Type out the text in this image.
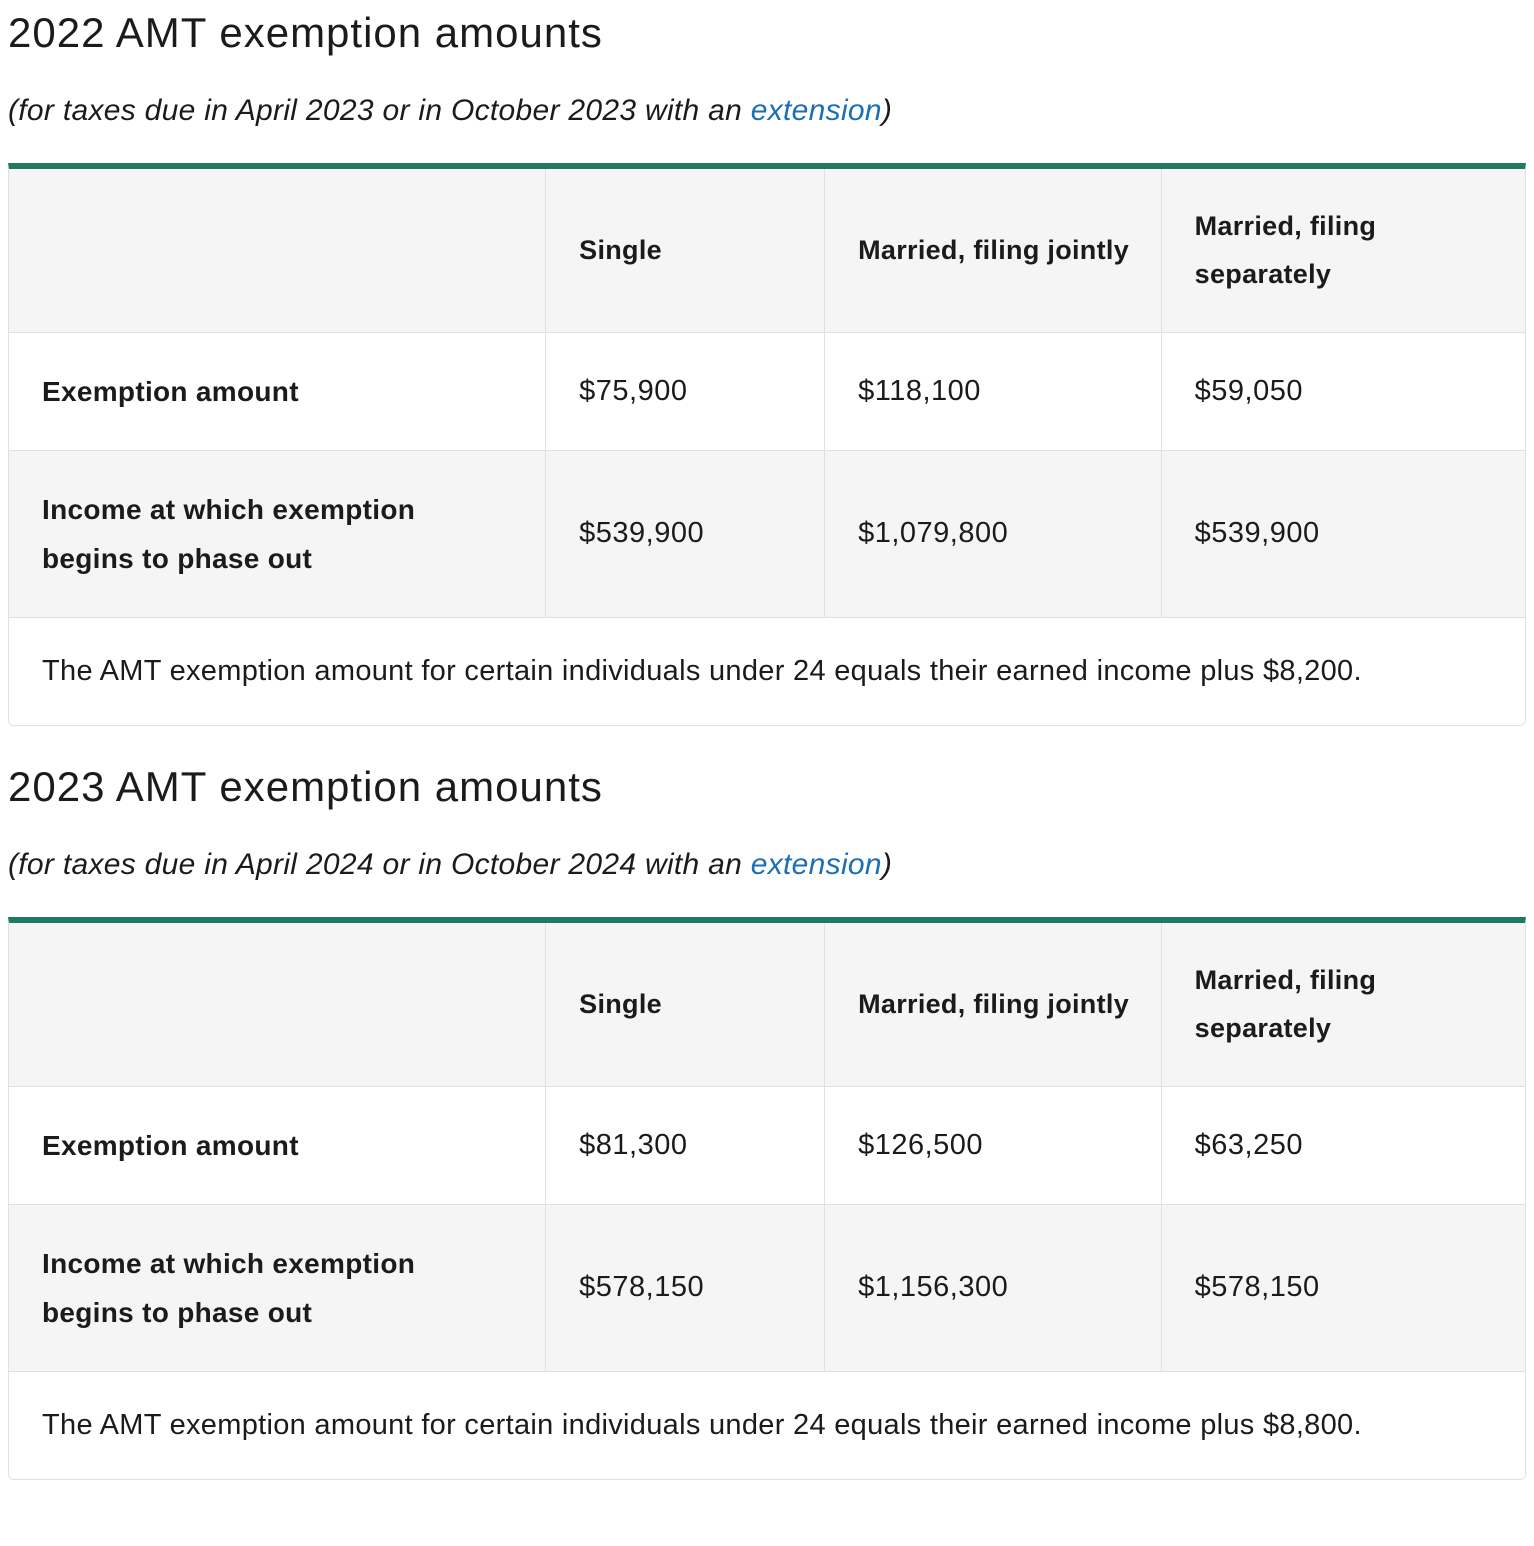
2022 AMT exemption amounts

(for taxes due in April 2023 or in October 2023 with an extension)

	Single	Married, filing jointly	Married, filing separately
Exemption amount	$75,900	$118,100	$59,050
Income at which exemption begins to phase out	$539,900	$1,079,800	$539,900
The AMT exemption amount for certain individuals under 24 equals their earned income plus $8,200.			
2023 AMT exemption amounts

(for taxes due in April 2024 or in October 2024 with an extension)

	Single	Married, filing jointly	Married, filing separately
Exemption amount	$81,300	$126,500	$63,250
Income at which exemption begins to phase out	$578,150	$1,156,300	$578,150
The AMT exemption amount for certain individuals under 24 equals their earned income plus $8,800.			
